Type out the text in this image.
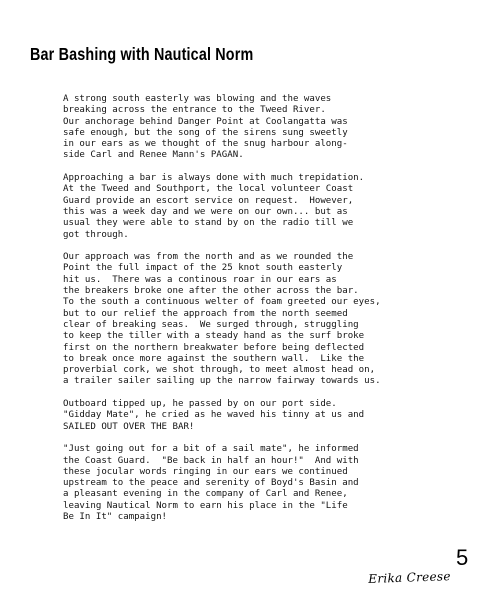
Bar Bashing with Nautical Norm
A strong south easterly was blowing and the waves
breaking across the entrance to the Tweed River.
Our anchorage behind Danger Point at Coolangatta was
safe enough, but the song of the sirens sung sweetly
in our ears as we thought of the snug harbour along-
side Carl and Renee Mann's PAGAN.
Approaching a bar is always done with much trepidation.
At the Tweed and Southport, the local volunteer Coast
Guard provide an escort service on request.  However,
this was a week day and we were on our own... but as
usual they were able to stand by on the radio till we
got through.
Our approach was from the north and as we rounded the
Point the full impact of the 25 knot south easterly
hit us.  There was a continous roar in our ears as
the breakers broke one after the other across the bar.
To the south a continuous welter of foam greeted our eyes,
but to our relief the approach from the north seemed
clear of breaking seas.  We surged through, struggling
to keep the tiller with a steady hand as the surf broke
first on the northern breakwater before being deflected
to break once more against the southern wall.  Like the
proverbial cork, we shot through, to meet almost head on,
a trailer sailer sailing up the narrow fairway towards us.
Outboard tipped up, he passed by on our port side.
"Gidday Mate", he cried as he waved his tinny at us and
SAILED OUT OVER THE BAR!
"Just going out for a bit of a sail mate", he informed
the Coast Guard.  "Be back in half an hour!"  And with
these jocular words ringing in our ears we continued
upstream to the peace and serenity of Boyd's Basin and
a pleasant evening in the company of Carl and Renee,
leaving Nautical Norm to earn his place in the "Life
Be In It" campaign!
5
Erika Creese
